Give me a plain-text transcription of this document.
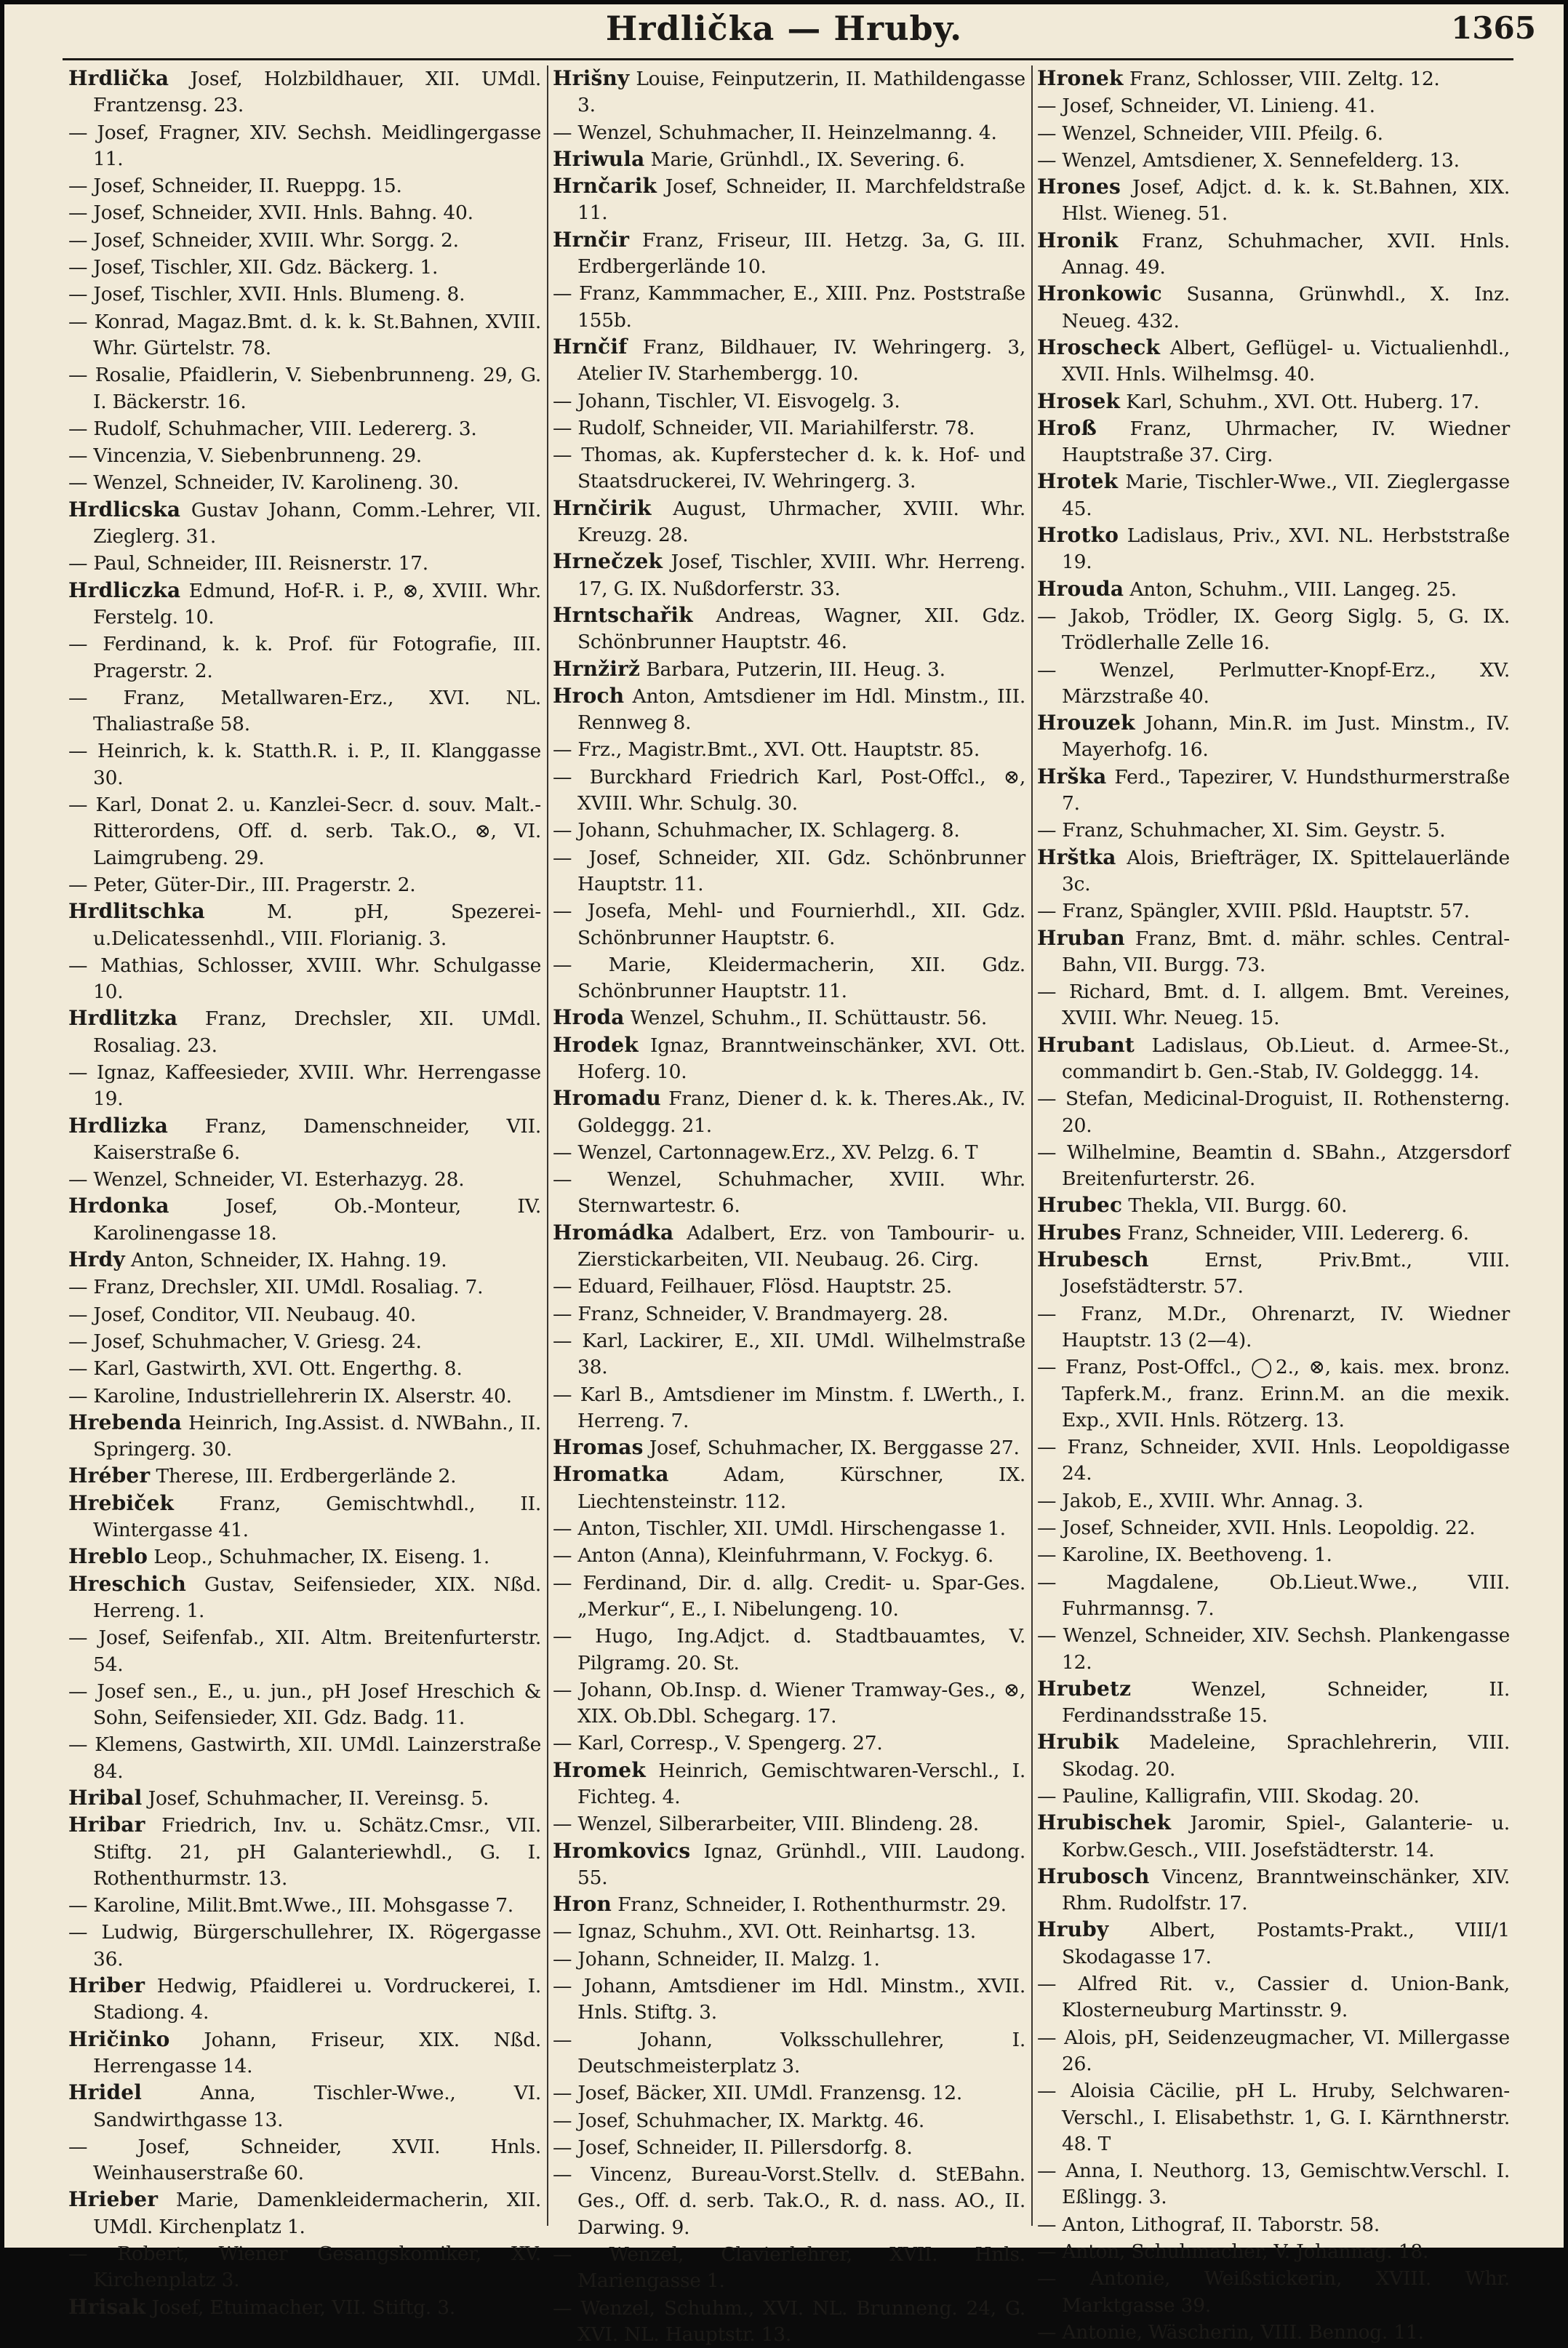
Hrdlička — Hruby.	1365

Hrdlička Josef, Holzbildhauer, XII. UMdl. Frantzensg. 23.

— Josef, Fragner, XIV. Sechsh. Meidlingergasse 11.

— Josef, Schneider, II. Rueppg. 15.

— Josef, Schneider, XVII. Hnls. Bahng. 40.

— Josef, Schneider, XVIII. Whr. Sorgg. 2.

— Josef, Tischler, XII. Gdz. Bäckerg. 1.

— Josef, Tischler, XVII. Hnls. Blumeng. 8.

— Konrad, Magaz.Bmt. d. k. k. St.Bahnen, XVIII. Whr. Gürtelstr. 78.

— Rosalie, Pfaidlerin, V. Siebenbrunneng. 29, G. I. Bäckerstr. 16.

— Rudolf, Schuhmacher, VIII. Ledererg. 3.

— Vincenzia, V. Siebenbrunneng. 29.

— Wenzel, Schneider, IV. Karolineng. 30.

Hrdlicska Gustav Johann, Comm.-Lehrer, VII. Zieglerg. 31.

— Paul, Schneider, III. Reisnerstr. 17.

Hrdliczka Edmund, Hof-R. i. P., ⊗, XVIII. Whr. Ferstelg. 10.

— Ferdinand, k. k. Prof. für Fotografie, III. Pragerstr. 2.

— Franz, Metallwaren-Erz., XVI. NL. Thaliastraße 58.

— Heinrich, k. k. Statth.R. i. P., II. Klanggasse 30.

— Karl, Donat 2. u. Kanzlei-Secr. d. souv. Malt.-Ritterordens, Off. d. serb. Tak.O., ⊗, VI. Laimgrubeng. 29.

— Peter, Güter-Dir., III. Pragerstr. 2.

Hrdlitschka M. pH, Spezerei-u.Delicatessenhdl., VIII. Florianig. 3.

— Mathias, Schlosser, XVIII. Whr. Schulgasse 10.

Hrdlitzka Franz, Drechsler, XII. UMdl. Rosaliag. 23.

— Ignaz, Kaffeesieder, XVIII. Whr. Herrengasse 19.

Hrdlizka Franz, Damenschneider, VII. Kaiserstraße 6.

— Wenzel, Schneider, VI. Esterhazyg. 28.

Hrdonka Josef, Ob.-Monteur, IV. Karolinengasse 18.

Hrdy Anton, Schneider, IX. Hahng. 19.

— Franz, Drechsler, XII. UMdl. Rosaliag. 7.

— Josef, Conditor, VII. Neubaug. 40.

— Josef, Schuhmacher, V. Griesg. 24.

— Karl, Gastwirth, XVI. Ott. Engerthg. 8.

— Karoline, Industriellehrerin IX. Alserstr. 40.

Hrebenda Heinrich, Ing.Assist. d. NWBahn., II. Springerg. 30.

Hréber Therese, III. Erdbergerlände 2.

Hrebiček Franz, Gemischtwhdl., II. Wintergasse 41.

Hreblo Leop., Schuhmacher, IX. Eiseng. 1.

Hreschich Gustav, Seifensieder, XIX. Nßd. Herreng. 1.

— Josef, Seifenfab., XII. Altm. Breitenfurterstr. 54.

— Josef sen., E., u. jun., pH Josef Hreschich & Sohn, Seifensieder, XII. Gdz. Badg. 11.

— Klemens, Gastwirth, XII. UMdl. Lainzerstraße 84.

Hribal Josef, Schuhmacher, II. Vereinsg. 5.

Hribar Friedrich, Inv. u. Schätz.Cmsr., VII. Stiftg. 21, pH Galanteriewhdl., G. I. Rothenthurmstr. 13.

— Karoline, Milit.Bmt.Wwe., III. Mohsgasse 7.

— Ludwig, Bürgerschullehrer, IX. Rögergasse 36.

Hriber Hedwig, Pfaidlerei u. Vordruckerei, I. Stadiong. 4.

Hričinko Johann, Friseur, XIX. Nßd. Herrengasse 14.

Hridel Anna, Tischler-Wwe., VI. Sandwirthgasse 13.

— Josef, Schneider, XVII. Hnls. Weinhauserstraße 60.

Hrieber Marie, Damenkleidermacherin, XII. UMdl. Kirchenplatz 1.

— Robert, Wiener Gesangskomiker, XV. Kirchenplatz 3.

Hrisak Josef, Etuimacher, VII. Stiftg. 3.

Hrišny Louise, Feinputzerin, II. Mathildengasse 3.

— Wenzel, Schuhmacher, II. Heinzelmanng. 4.

Hriwula Marie, Grünhdl., IX. Severing. 6.

Hrnčarik Josef, Schneider, II. Marchfeldstraße 11.

Hrnčir Franz, Friseur, III. Hetzg. 3a, G. III. Erdbergerlände 10.

— Franz, Kammmacher, E., XIII. Pnz. Poststraße 155b.

Hrnčif Franz, Bildhauer, IV. Wehringerg. 3, Atelier IV. Starhembergg. 10.

— Johann, Tischler, VI. Eisvogelg. 3.

— Rudolf, Schneider, VII. Mariahilferstr. 78.

— Thomas, ak. Kupferstecher d. k. k. Hof- und Staatsdruckerei, IV. Wehringerg. 3.

Hrnčirik August, Uhrmacher, XVIII. Whr. Kreuzg. 28.

Hrnečzek Josef, Tischler, XVIII. Whr. Herreng. 17, G. IX. Nußdorferstr. 33.

Hrntschařik Andreas, Wagner, XII. Gdz. Schönbrunner Hauptstr. 46.

Hrnžirž Barbara, Putzerin, III. Heug. 3.

Hroch Anton, Amtsdiener im Hdl. Minstm., III. Rennweg 8.

— Frz., Magistr.Bmt., XVI. Ott. Hauptstr. 85.

— Burckhard Friedrich Karl, Post-Offcl., ⊗, XVIII. Whr. Schulg. 30.

— Johann, Schuhmacher, IX. Schlagerg. 8.

— Josef, Schneider, XII. Gdz. Schönbrunner Hauptstr. 11.

— Josefa, Mehl- und Fournierhdl., XII. Gdz. Schönbrunner Hauptstr. 6.

— Marie, Kleidermacherin, XII. Gdz. Schönbrunner Hauptstr. 11.

Hroda Wenzel, Schuhm., II. Schüttaustr. 56.

Hrodek Ignaz, Branntweinschänker, XVI. Ott. Hoferg. 10.

Hromadu Franz, Diener d. k. k. Theres.Ak., IV. Goldeggg. 21.

— Wenzel, Cartonnagew.Erz., XV. Pelzg. 6. T

— Wenzel, Schuhmacher, XVIII. Whr. Sternwartestr. 6.

Hromádka Adalbert, Erz. von Tambourir- u. Zierstickarbeiten, VII. Neubaug. 26. Cirg.

— Eduard, Feilhauer, Flösd. Hauptstr. 25.

— Franz, Schneider, V. Brandmayerg. 28.

— Karl, Lackirer, E., XII. UMdl. Wilhelmstraße 38.

— Karl B., Amtsdiener im Minstm. f. LWerth., I. Herreng. 7.

Hromas Josef, Schuhmacher, IX. Berggasse 27.

Hromatka Adam, Kürschner, IX. Liechtensteinstr. 112.

— Anton, Tischler, XII. UMdl. Hirschengasse 1.

— Anton (Anna), Kleinfuhrmann, V. Fockyg. 6.

— Ferdinand, Dir. d. allg. Credit- u. Spar-Ges. „Merkur“, E., I. Nibelungeng. 10.

— Hugo, Ing.Adjct. d. Stadtbauamtes, V. Pilgramg. 20. St.

— Johann, Ob.Insp. d. Wiener Tramway-Ges., ⊗, XIX. Ob.Dbl. Schegarg. 17.

— Karl, Corresp., V. Spengerg. 27.

Hromek Heinrich, Gemischtwaren-Verschl., I. Fichteg. 4.

— Wenzel, Silberarbeiter, VIII. Blindeng. 28.

Hromkovics Ignaz, Grünhdl., VIII. Laudong. 55.

Hron Franz, Schneider, I. Rothenthurmstr. 29.

— Ignaz, Schuhm., XVI. Ott. Reinhartsg. 13.

— Johann, Schneider, II. Malzg. 1.

— Johann, Amtsdiener im Hdl. Minstm., XVII. Hnls. Stiftg. 3.

— Johann, Volksschullehrer, I. Deutschmeisterplatz 3.

— Josef, Bäcker, XII. UMdl. Franzensg. 12.

— Josef, Schuhmacher, IX. Marktg. 46.

— Josef, Schneider, II. Pillersdorfg. 8.

— Vincenz, Bureau-Vorst.Stellv. d. StEBahn. Ges., Off. d. serb. Tak.O., R. d. nass. AO., II. Darwing. 9.

— Wenzel, Clavierlehrer, XVII. Hnls. Mariengasse 1.

— Wenzel, Schuhm., XVI. NL. Brunneng. 24, G. XVI. NL. Hauptstr. 13.

Hronek Franz, Schlosser, VIII. Zeltg. 12.

— Josef, Schneider, VI. Linieng. 41.

— Wenzel, Schneider, VIII. Pfeilg. 6.

— Wenzel, Amtsdiener, X. Sennefelderg. 13.

Hrones Josef, Adjct. d. k. k. St.Bahnen, XIX. Hlst. Wieneg. 51.

Hronik Franz, Schuhmacher, XVII. Hnls. Annag. 49.

Hronkowic Susanna, Grünwhdl., X. Inz. Neueg. 432.

Hroscheck Albert, Geflügel- u. Victualienhdl., XVII. Hnls. Wilhelmsg. 40.

Hrosek Karl, Schuhm., XVI. Ott. Huberg. 17.

Hroß Franz, Uhrmacher, IV. Wiedner Hauptstraße 37. Cirg.

Hrotek Marie, Tischler-Wwe., VII. Zieglergasse 45.

Hrotko Ladislaus, Priv., XVI. NL. Herbststraße 19.

Hrouda Anton, Schuhm., VIII. Langeg. 25.

— Jakob, Trödler, IX. Georg Siglg. 5, G. IX. Trödlerhalle Zelle 16.

— Wenzel, Perlmutter-Knopf-Erz., XV. Märzstraße 40.

Hrouzek Johann, Min.R. im Just. Minstm., IV. Mayerhofg. 16.

Hrška Ferd., Tapezirer, V. Hundsthurmerstraße 7.

— Franz, Schuhmacher, XI. Sim. Geystr. 5.

Hrštka Alois, Briefträger, IX. Spittelauerlände 3c.

— Franz, Spängler, XVIII. Pßld. Hauptstr. 57.

Hruban Franz, Bmt. d. mähr. schles. Central-Bahn, VII. Burgg. 73.

— Richard, Bmt. d. I. allgem. Bmt. Vereines, XVIII. Whr. Neueg. 15.

Hrubant Ladislaus, Ob.Lieut. d. Armee-St., commandirt b. Gen.-Stab, IV. Goldeggg. 14.

— Stefan, Medicinal-Droguist, II. Rothensterng. 20.

— Wilhelmine, Beamtin d. SBahn., Atzgersdorf Breitenfurterstr. 26.

Hrubec Thekla, VII. Burgg. 60.

Hrubes Franz, Schneider, VIII. Ledererg. 6.

Hrubesch Ernst, Priv.Bmt., VIII. Josefstädterstr. 57.

— Franz, M.Dr., Ohrenarzt, IV. Wiedner Hauptstr. 13 (2—4).

— Franz, Post-Offcl., ◯2., ⊗, kais. mex. bronz. Tapferk.M., franz. Erinn.M. an die mexik. Exp., XVII. Hnls. Rötzerg. 13.

— Franz, Schneider, XVII. Hnls. Leopoldigasse 24.

— Jakob, E., XVIII. Whr. Annag. 3.

— Josef, Schneider, XVII. Hnls. Leopoldig. 22.

— Karoline, IX. Beethoveng. 1.

— Magdalene, Ob.Lieut.Wwe., VIII. Fuhrmannsg. 7.

— Wenzel, Schneider, XIV. Sechsh. Plankengasse 12.

Hrubetz Wenzel, Schneider, II. Ferdinandsstraße 15.

Hrubik Madeleine, Sprachlehrerin, VIII. Skodag. 20.

— Pauline, Kalligrafin, VIII. Skodag. 20.

Hrubischek Jaromir, Spiel-, Galanterie- u. Korbw.Gesch., VIII. Josefstädterstr. 14.

Hrubosch Vincenz, Branntweinschänker, XIV. Rhm. Rudolfstr. 17.

Hruby Albert, Postamts-Prakt., VIII/1 Skodagasse 17.

— Alfred Rit. v., Cassier d. Union-Bank, Klosterneuburg Martinsstr. 9.

— Alois, pH, Seidenzeugmacher, VI. Millergasse 26.

— Aloisia Cäcilie, pH L. Hruby, Selchwaren-Verschl., I. Elisabethstr. 1, G. I. Kärnthnerstr. 48. T

— Anna, I. Neuthorg. 13, Gemischtw.Verschl. I. Eßlingg. 3.

— Anton, Lithograf, II. Taborstr. 58.

— Anton, Schuhmacher, V. Johannag. 18.

— Antonie, Weißstickerin, XVIII. Whr. Marktgasse 39.

— Antonie, Wäscherin, VIII. Bennog. 11.
